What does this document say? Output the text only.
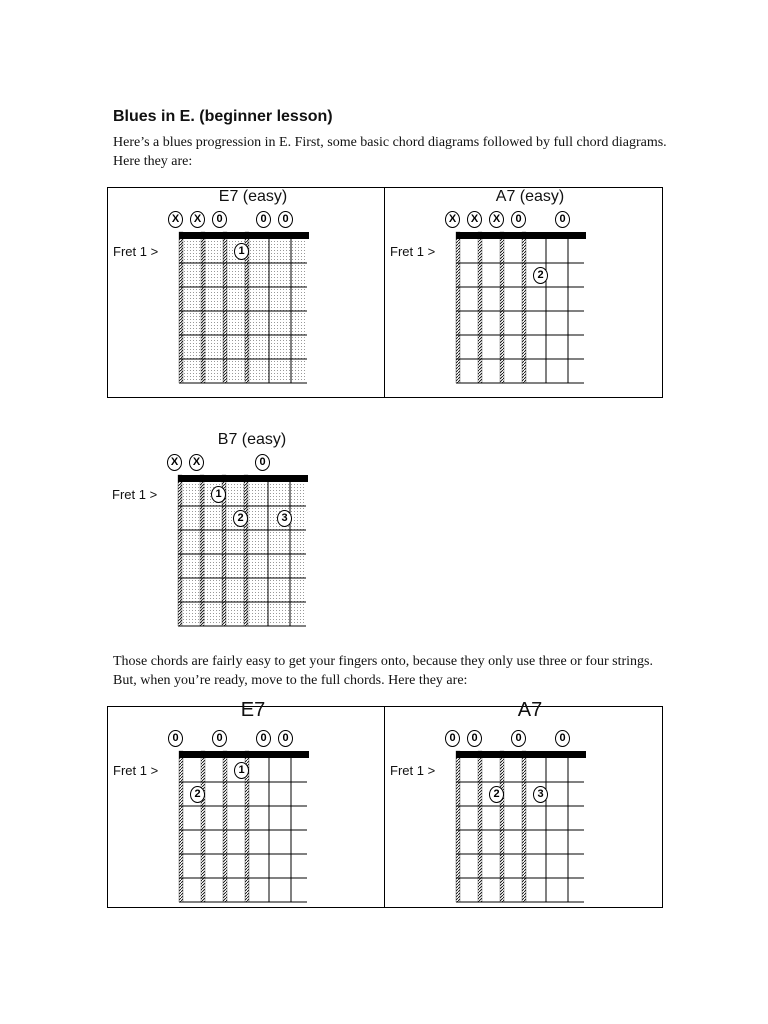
Blues in E. (beginner lesson)
Here’s a blues progression in E. First, some basic chord diagrams followed by full chord diagrams. Here they are:
E7 (easy)
Fret 1 >
X	X	0	0	0
1
A7 (easy)
Fret 1 >
X	X	X	0	0
2
B7 (easy)
Fret 1 >
X	X	0
1
2	3
Those chords are fairly easy to get your fingers onto, because they only use three or four strings. But, when you’re ready, move to the full chords. Here they are:
E7
Fret 1 >
0	0	0	0
2
1
A7
Fret 1 >
0	0	0	0
2	3
